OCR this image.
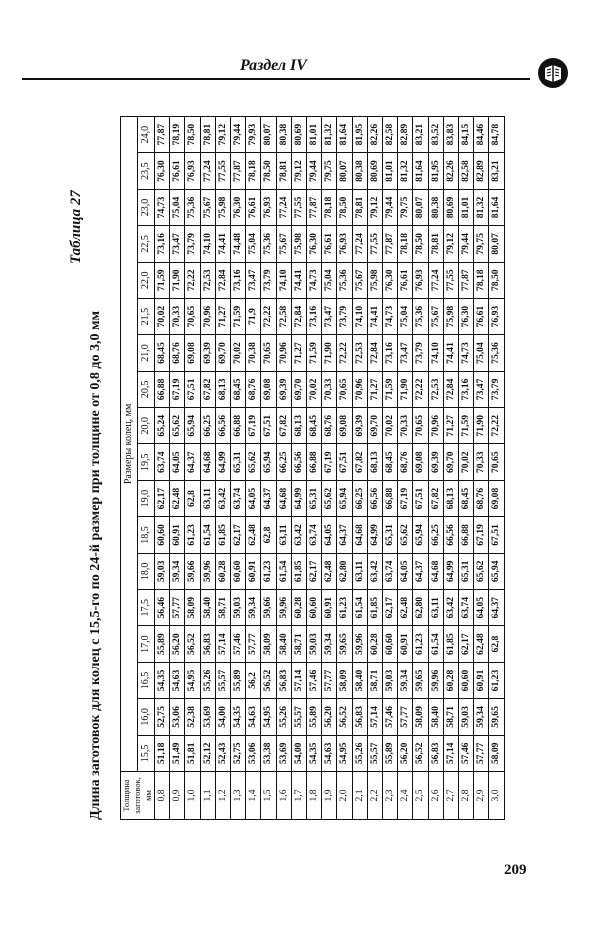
Раздел IV
Таблица 27
Длина заготовок для колец с 15,5-го по 24-й размер при толщине от 0,8 до 3,0 мм Толщина заготовок, мм	Размеры колец, мм																	
	15,5	16,0	16,5	17,0	17,5	18,0	18,5	19,0	19,5	20,0	20,5	21,0	21,5	22,0	22,5	23,0	23,5	24,0
0,8	51,18	52,75	54,35	55,89	56,46	59,03	60,60	62,17	63,74	65,24	66,88	68,45	70,02	71,59	73,16	74,73	76,30	77,87
0,9	51,49	53,06	54,63	56,20	57,77	59,34	60,91	62,48	64,05	65,62	67,19	68,76	70,33	71,90	73,47	75,04	76,61	78,19
1,0	51,81	52,38	54,95	56,52	58,09	59,66	61,23	62,8	64,37	65,94	67,51	69,08	70,65	72,22	73,79	75,36	76,93	78,50
1,1	52,12	53,69	55,26	56,83	58,40	59,96	61,54	63,11	64,68	66,25	67,82	69,39	70,96	72,53	74,10	75,67	77,24	78,81
1,2	52,43	54,00	55,57	57,14	58,71	60,28	61,85	63,42	64,99	66,56	68,13	69,70	71,27	72,84	74,41	75,98	77,55	79,12
1,3	52,75	54,35	55,89	57,46	59,03	60,60	62,17	63,74	65,31	66,88	68,45	70,02	71,59	73,16	74,48	76,30	77,87	79,44
1,4	53,06	54,63	56,2	57,77	59,34	60,91	62,48	64,05	65,62	67,19	68,76	70,38	71,9	73,47	75,04	76,61	78,18	79,93
1,5	53,38	54,95	56,52	58,09	59,66	61,23	62,8	64,37	65,94	67,51	69,08	70,65	72,22	73,79	75,36	76,93	78,50	80,07
1,6	53,69	55,26	56,83	58,40	59,96	61,54	63,11	64,68	66,25	67,82	69,39	70,96	72,58	74,10	75,67	77,24	78,81	80,38
1,7	54,00	55,57	57,14	58,71	60,28	61,85	63,42	64,99	66,56	68,13	69,70	71,27	72,84	74,41	75,98	77,55	79,12	80,69
1,8	54,35	55,89	57,46	59,03	60,60	62,17	63,74	65,31	66,88	68,45	70,02	71,59	73,16	74,73	76,30	77,87	79,44	81,01
1,9	54,63	56,20	57,77	59,34	60,91	62,48	64,05	65,62	67,19	68,76	70,33	71,90	73,47	75,04	76,61	78,18	79,75	81,32
2,0	54,95	56,52	58,09	59,65	61,23	62,80	64,37	65,94	67,51	69,08	70,65	72,22	73,79	75,36	76,93	78,50	80,07	81,64
2,1	55,26	56,83	58,40	59,96	61,54	63,11	64,68	66,25	67,82	69,39	70,96	72,53	74,10	75,67	77,24	78,81	80,38	81,95
2,2	55,57	57,14	58,71	60,28	61,85	63,42	64,99	66,56	68,13	69,70	71,27	72,84	74,41	75,98	77,55	79,12	80,69	82,26
2,3	55,89	57,46	59,03	60,60	62,17	63,74	65,31	66,88	68,45	70,02	71,59	73,16	74,73	76,30	77,87	79,44	81,01	82,58
2,4	56,20	57,77	59,34	60,91	62,48	64,05	65,62	67,19	68,76	70,33	71,90	73,47	75,04	76,61	78,18	79,75	81,32	82,89
2,5	56,52	58,09	59,65	61,23	62,80	64,37	65,94	67,51	69,08	70,65	72,22	73,79	75,36	76,93	78,50	80,07	81,64	83,21
2,6	56,83	58,40	59,96	61,54	63,11	64,68	66,25	67,82	69,39	70,96	72,53	74,10	75,67	77,24	78,81	80,38	81,95	83,52
2,7	57,14	58,71	60,28	61,85	63,42	64,99	66,56	68,13	69,70	71,27	72,84	74,41	75,98	77,55	79,12	80,69	82,26	83,83
2,8	57,46	59,03	60,60	62,17	63,74	65,31	66,88	68,45	70,02	71,59	73,16	74,73	76,30	77,87	79,44	81,01	82,58	84,15
2,9	57,77	59,34	60,91	62,48	64,05	65,62	67,19	68,76	70,33	71,90	73,47	75,04	76,61	78,18	79,75	81,32	82,89	84,46
3,0	58,09	59,65	61,23	62,8	64,37	65,94	67,51	69,08	70,65	72,22	73,79	75,36	76,93	78,50	80,07	81,64	83,21	84,78
209
